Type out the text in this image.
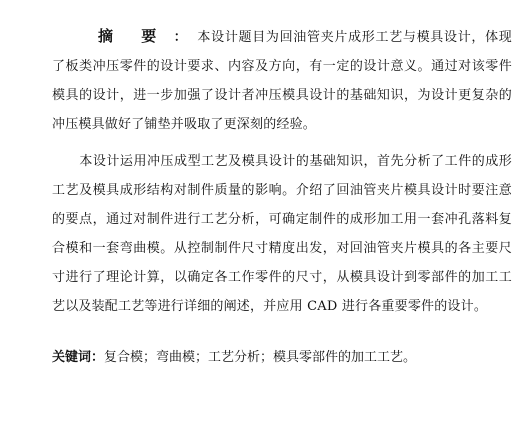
摘 要 ： 本设计题目为回油管夹片成形工艺与模具设计，体现了板类冲压零件的设计要求、内容及方向，有一定的设计意义。通过对该零件模具的设计，进一步加强了设计者冲压模具设计的基础知识，为设计更复杂的冲压模具做好了铺垫并吸取了更深刻的经验。
本设计运用冲压成型工艺及模具设计的基础知识，首先分析了工件的成形工艺及模具成形结构对制件质量的影响。介绍了回油管夹片模具设计时要注意的要点，通过对制件进行工艺分析，可确定制件的成形加工用一套冲孔落料复合模和一套弯曲模。从控制制件尺寸精度出发，对回油管夹片模具的各主要尺寸进行了理论计算，以确定各工作零件的尺寸，从模具设计到零部件的加工工艺以及装配工艺等进行详细的阐述，并应用 CAD 进行各重要零件的设计。
关键词：复合模；弯曲模；工艺分析；模具零部件的加工工艺。
